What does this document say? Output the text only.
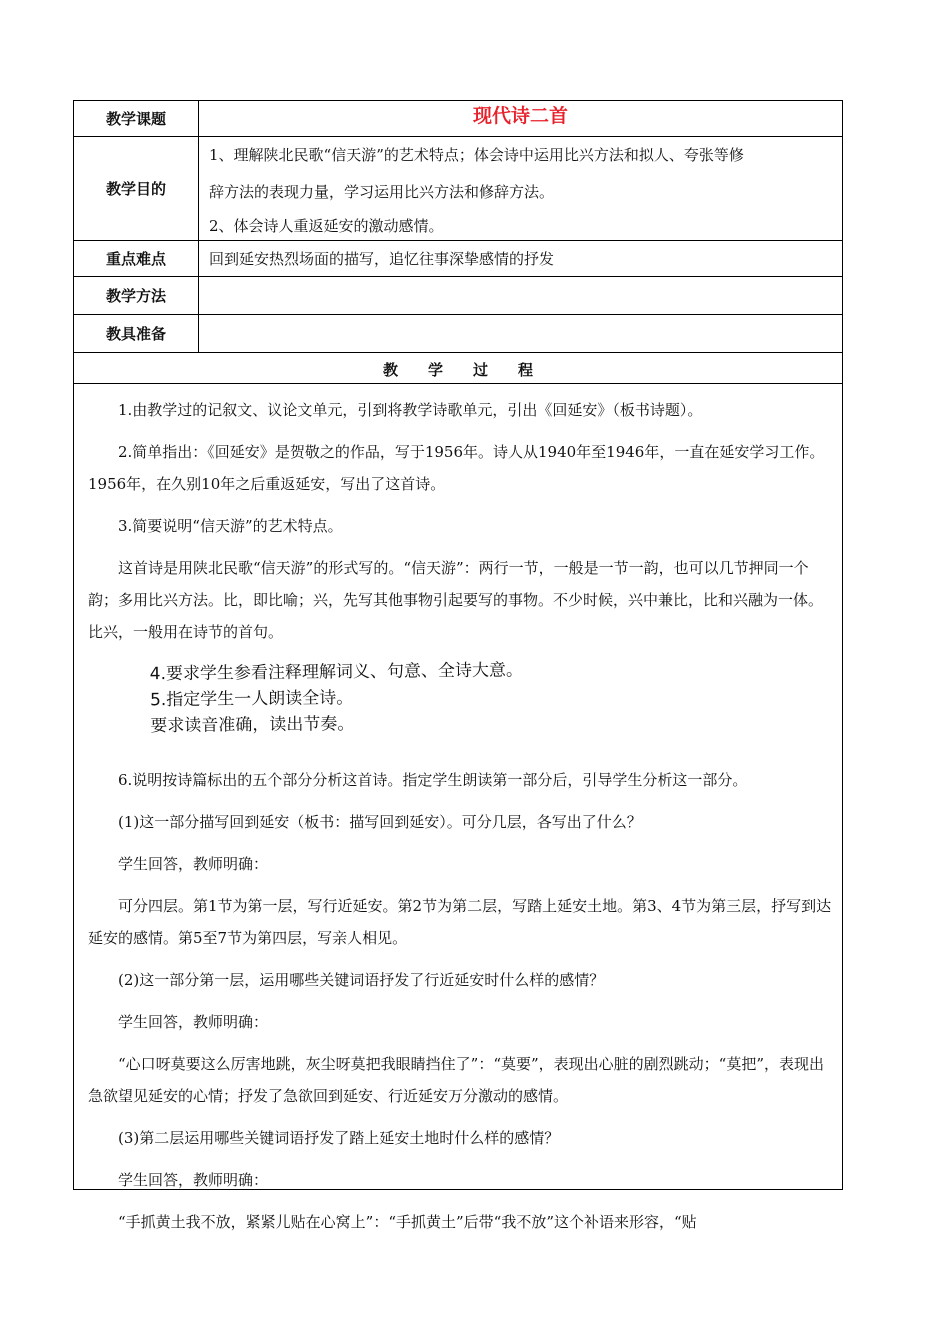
教学课题	现代诗二首
教学目的
1、理解陕北民歌“信天游”的艺术特点；体会诗中运用比兴方法和拟人、夸张等修
辞方法的表现力量，学习运用比兴方法和修辞方法。
2、体会诗人重返延安的激动感情。
重点难点	回到延安热烈场面的描写，追忆往事深挚感情的抒发
教学方法
教具准备
教学过程

1.由教学过的记叙文、议论文单元，引到将教学诗歌单元，引出《回延安》（板书诗题）。

2.简单指出：《回延安》是贺敬之的作品，写于1956年。诗人从1940年至1946年，一直在延安学习工作。1956年，在久别10年之后重返延安，写出了这首诗。

3.简要说明“信天游”的艺术特点。

这首诗是用陕北民歌“信天游”的形式写的。“信天游”：两行一节，一般是一节一韵，也可以几节押同一个韵；多用比兴方法。比，即比喻；兴，先写其他事物引起要写的事物。不少时候，兴中兼比，比和兴融为一体。比兴，一般用在诗节的首句。

4.要求学生参看注释理解词义、句意、全诗大意。
5.指定学生一人朗读全诗。
要求读音准确，读出节奏。

6.说明按诗篇标出的五个部分分析这首诗。指定学生朗读第一部分后，引导学生分析这一部分。

(1)这一部分描写回到延安（板书：描写回到延安）。可分几层，各写出了什么？

学生回答，教师明确：

可分四层。第1节为第一层，写行近延安。第2节为第二层，写踏上延安土地。第3、4节为第三层，抒写到达延安的感情。第5至7节为第四层，写亲人相见。

(2)这一部分第一层，运用哪些关键词语抒发了行近延安时什么样的感情？

学生回答，教师明确：

“心口呀莫要这么厉害地跳，灰尘呀莫把我眼睛挡住了”：“莫要”，表现出心脏的剧烈跳动；“莫把”，表现出急欲望见延安的心情；抒发了急欲回到延安、行近延安万分激动的感情。

(3)第二层运用哪些关键词语抒发了踏上延安土地时什么样的感情？

学生回答，教师明确：

“手抓黄土我不放，紧紧儿贴在心窝上”：“手抓黄土”后带“我不放”这个补语来形容，“贴
